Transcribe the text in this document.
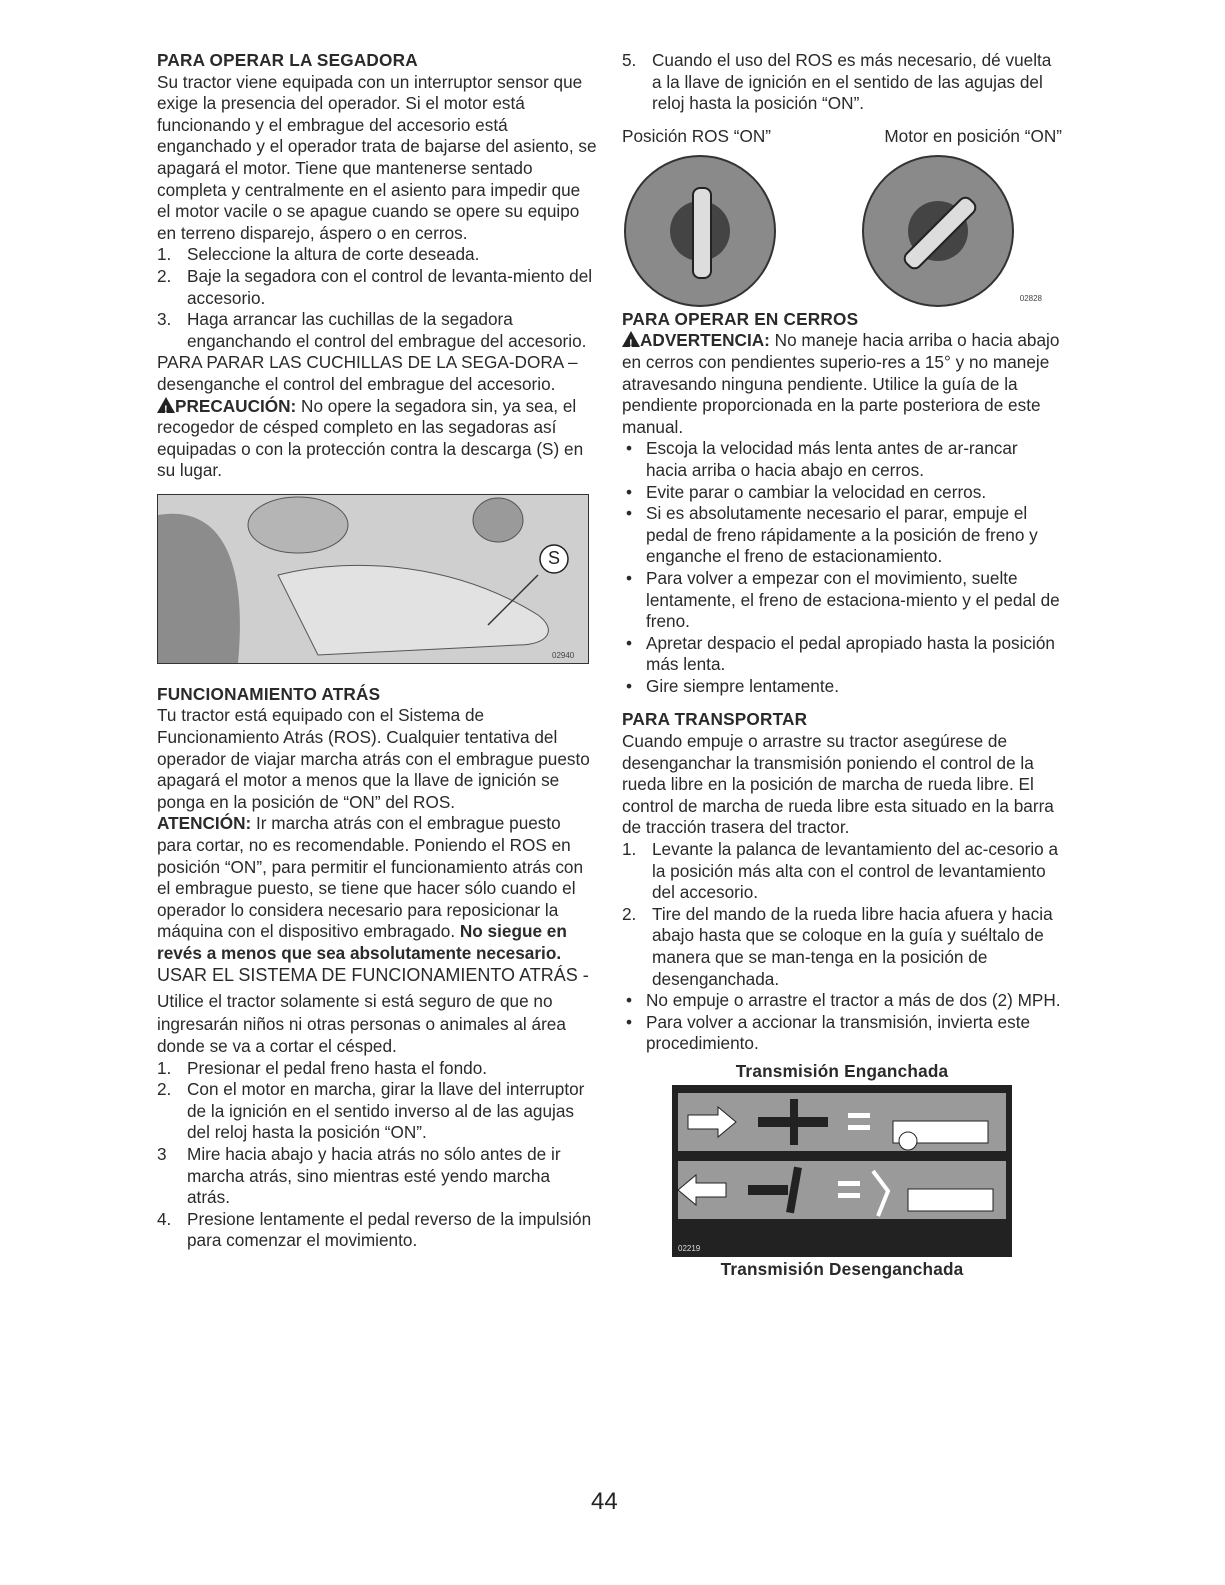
PARA OPERAR LA SEGADORA

Su tractor viene equipada con un interruptor sensor que exige la presencia del operador. Si el motor está funcionando y el embrague del accesorio está enganchado y el operador trata de bajarse del asiento, se apagará el motor. Tiene que mantenerse sentado completa y centralmente en el asiento para impedir que el motor vacile o se apague cuando se opere su equipo en terreno disparejo, áspero o en cerros.

1. Seleccione la altura de corte deseada.
2. Baje la segadora con el control de levanta-miento del accesorio.
3. Haga arrancar las cuchillas de la segadora enganchando el control del embrague del accesorio.

PARA PARAR LAS CUCHILLAS DE LA SEGA-DORA – desenganche el control del embrague del accesorio.

!PRECAUCIÓN: No opere la segadora sin, ya sea, el recogedor de césped completo en las segadoras así equipadas o con la protección contra la descarga (S) en su lugar.

S
02940
FUNCIONAMIENTO ATRÁS

Tu tractor está equipado con el Sistema de Funcionamiento Atrás (ROS). Cualquier tentativa del operador de viajar marcha atrás con el embrague puesto apagará el motor a menos que la llave de ignición se ponga en la posición de “ON” del ROS.

ATENCIÓN: Ir marcha atrás con el embrague puesto para cortar, no es recomendable. Poniendo el ROS en posición “ON”, para permitir el funcionamiento atrás con el embrague puesto, se tiene que hacer sólo cuando el operador lo considera necesario para reposicionar la máquina con el dispositivo embragado. No siegue en revés a menos que sea absolutamente necesario.

USAR EL SISTEMA DE FUNCIONAMIENTO ATRÁS -

Utilice el tractor solamente si está seguro de que no ingresarán niños ni otras personas o animales al área donde se va a cortar el césped.

1. Presionar el pedal freno hasta el fondo.
2. Con el motor en marcha, girar la llave del interruptor de la ignición en el sentido inverso al de las agujas del reloj hasta la posición “ON”.
3	Mire hacia abajo y hacia atrás no sólo antes de ir marcha atrás, sino mientras esté yendo marcha atrás.
4. Presione lentamente el pedal reverso de la impulsión para comenzar el movimiento.
5. Cuando el uso del ROS es más necesario, dé vuelta a la llave de ignición en el sentido de las agujas del reloj hasta la posición “ON”.
Posición ROS “ON”	Motor en posición “ON”
02828
PARA OPERAR EN CERROS

!ADVERTENCIA: No maneje hacia arriba o hacia abajo en cerros con pendientes superio-res a 15° y no maneje atravesando ninguna pendiente. Utilice la guía de la pendiente proporcionada en la parte posteriora de este manual.

• Escoja la velocidad más lenta antes de ar-rancar hacia arriba o hacia abajo en cerros.
• Evite parar o cambiar la velocidad en cerros.
• Si es absolutamente necesario el parar, empuje el pedal de freno rápidamente a la posición de freno y enganche el freno de estacionamiento.
• Para volver a empezar con el movimiento, suelte lentamente, el freno de estaciona-miento y el pedal de freno.
• Apretar despacio el pedal apropiado hasta la posición más lenta.
• Gire siempre lentamente.
PARA TRANSPORTAR

Cuando empuje o arrastre su tractor asegúrese de desenganchar la transmisión poniendo el control de la rueda libre en la posición de marcha de rueda libre. El control de marcha de rueda libre esta situado en la barra de tracción trasera del tractor.

1. Levante la palanca de levantamiento del ac-cesorio a la posición más alta con el control de levantamiento del accesorio.
2. Tire del mando de la rueda libre hacia afuera y hacia abajo hasta que se coloque en la guía y suéltalo de manera que se man-tenga en la posición de desenganchada.
• No empuje o arrastre el tractor a más de dos (2) MPH.
• Para volver a accionar la transmisión, invierta este procedimiento.
Transmisión Enganchada
02219
Transmisión Desenganchada
44
